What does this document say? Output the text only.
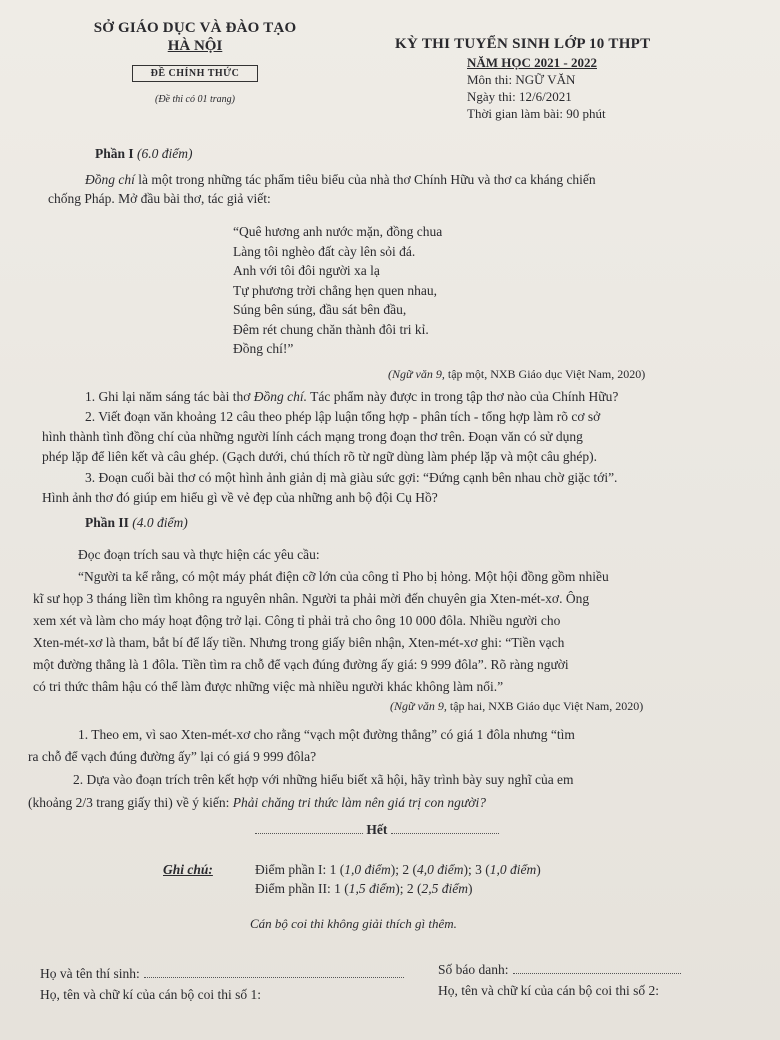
SỞ GIÁO DỤC VÀ ĐÀO TẠO
HÀ NỘI
ĐỀ CHÍNH THỨC
(Đề thi có 01 trang)
KỲ THI TUYỂN SINH LỚP 10 THPT
NĂM HỌC 2021 - 2022
Môn thi: NGỮ VĂN
Ngày thi: 12/6/2021
Thời gian làm bài: 90 phút
Phần I (6.0 điểm)
Đồng chí là một trong những tác phẩm tiêu biểu của nhà thơ Chính Hữu và thơ ca kháng chiến
chống Pháp. Mở đầu bài thơ, tác giả viết:
“Quê hương anh nước mặn, đồng chua
Làng tôi nghèo đất cày lên sỏi đá.
Anh với tôi đôi người xa lạ
Tự phương trời chẳng hẹn quen nhau,
Súng bên súng, đầu sát bên đầu,
Đêm rét chung chăn thành đôi tri kỉ.
Đồng chí!”
(Ngữ văn 9, tập một, NXB Giáo dục Việt Nam, 2020)
1. Ghi lại năm sáng tác bài thơ Đồng chí. Tác phẩm này được in trong tập thơ nào của Chính Hữu?
2. Viết đoạn văn khoảng 12 câu theo phép lập luận tổng hợp - phân tích - tổng hợp làm rõ cơ sở
hình thành tình đồng chí của những người lính cách mạng trong đoạn thơ trên. Đoạn văn có sử dụng
phép lặp để liên kết và câu ghép. (Gạch dưới, chú thích rõ từ ngữ dùng làm phép lặp và một câu ghép).
3. Đoạn cuối bài thơ có một hình ảnh giản dị mà giàu sức gợi: “Đứng cạnh bên nhau chờ giặc tới”.
Hình ảnh thơ đó giúp em hiểu gì về vẻ đẹp của những anh bộ đội Cụ Hồ?
Phần II (4.0 điểm)
Đọc đoạn trích sau và thực hiện các yêu cầu:
“Người ta kể rằng, có một máy phát điện cỡ lớn của công tỉ Pho bị hỏng. Một hội đồng gồm nhiều
kĩ sư họp 3 tháng liền tìm không ra nguyên nhân. Người ta phải mời đến chuyên gia Xten-mét-xơ. Ông
xem xét và làm cho máy hoạt động trở lại. Công tỉ phải trả cho ông 10 000 đôla. Nhiều người cho
Xten-mét-xơ là tham, bắt bí để lấy tiền. Nhưng trong giấy biên nhận, Xten-mét-xơ ghi: “Tiền vạch
một đường thẳng là 1 đôla. Tiền tìm ra chỗ để vạch đúng đường ấy giá: 9 999 đôla”. Rõ ràng người
có tri thức thâm hậu có thể làm được những việc mà nhiều người khác không làm nổi.”
(Ngữ văn 9, tập hai, NXB Giáo dục Việt Nam, 2020)
1. Theo em, vì sao Xten-mét-xơ cho rằng “vạch một đường thẳng” có giá 1 đôla nhưng “tìm
ra chỗ để vạch đúng đường ấy” lại có giá 9 999 đôla?
2. Dựa vào đoạn trích trên kết hợp với những hiểu biết xã hội, hãy trình bày suy nghĩ của em
(khoảng 2/3 trang giấy thi) về ý kiến: Phải chăng tri thức làm nên giá trị con người?
Hết
Ghi chú:	Điểm phần I: 1 (1,0 điểm); 2 (4,0 điểm); 3 (1,0 điểm)
Điểm phần II: 1 (1,5 điểm); 2 (2,5 điểm)
Cán bộ coi thi không giải thích gì thêm.
Họ và tên thí sinh:	Số báo danh:
Họ, tên và chữ kí của cán bộ coi thi số 1:	Họ, tên và chữ kí của cán bộ coi thi số 2:
